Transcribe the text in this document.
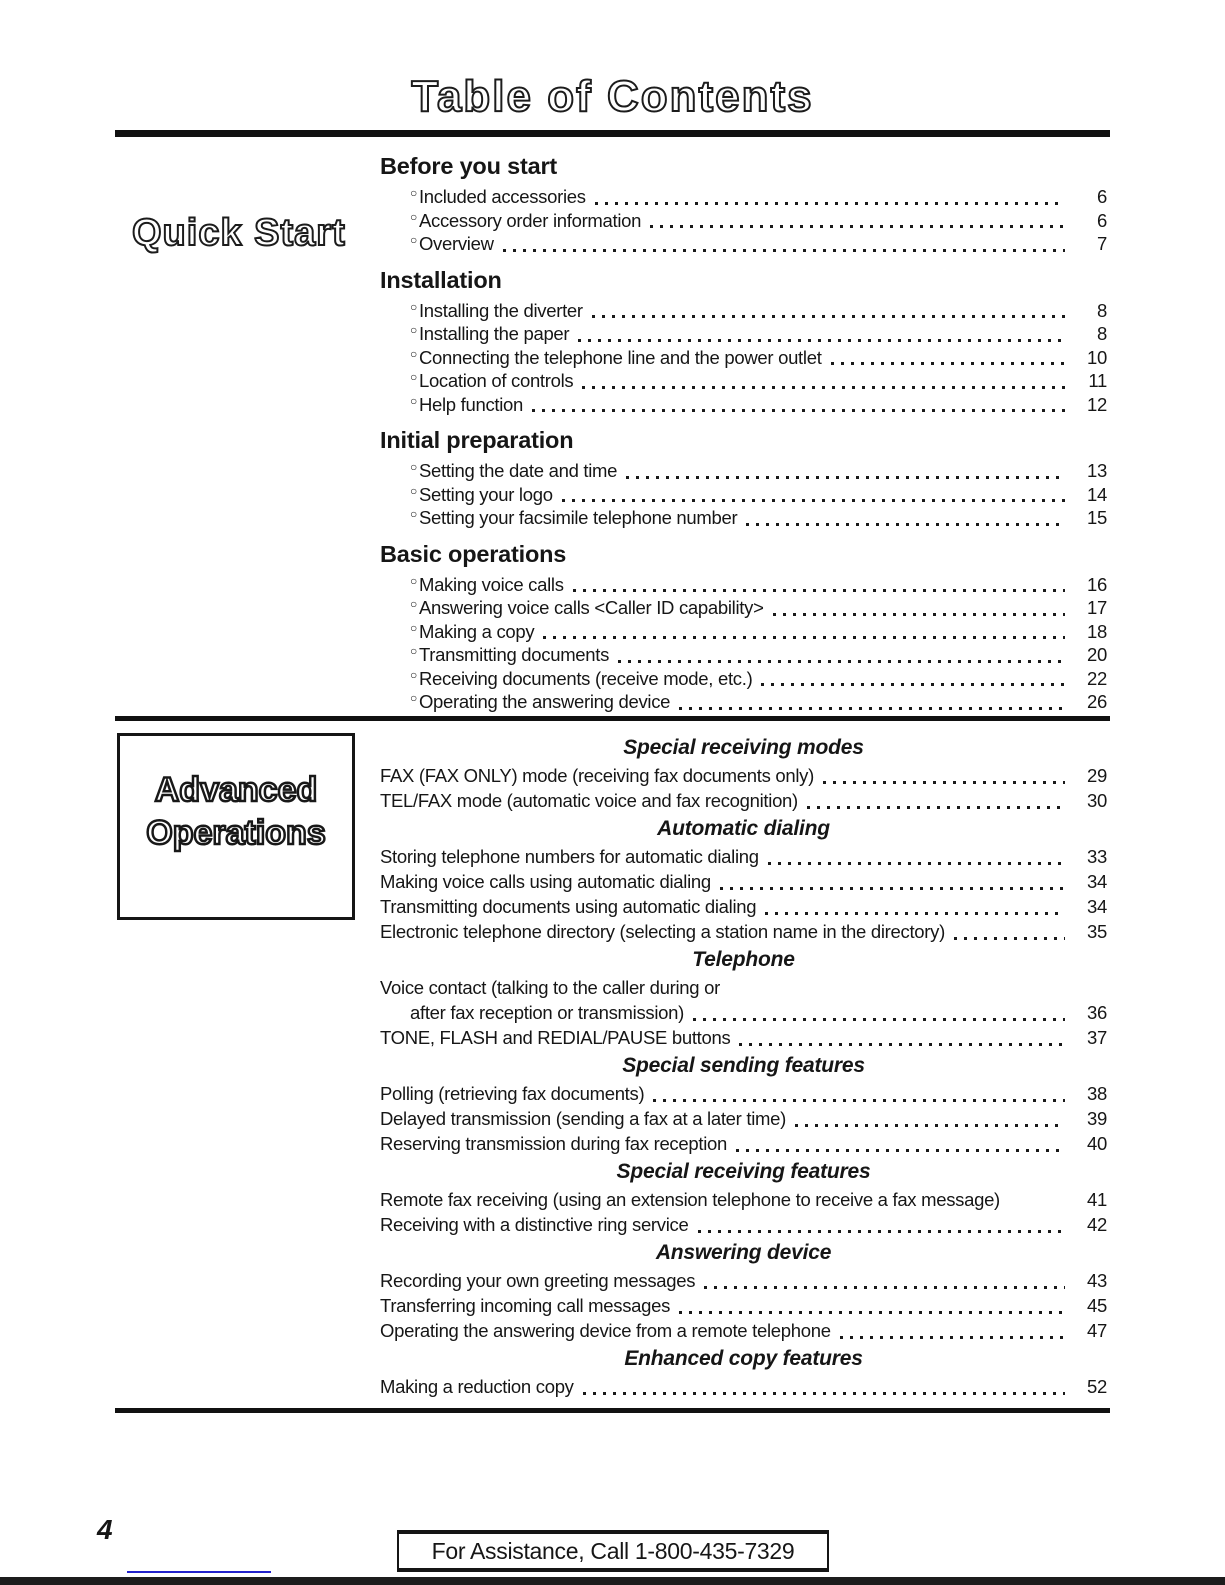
Table of Contents
Quick Start
Before you start
○ Included accessories	6
○ Accessory order information	6
○ Overview	7
Installation
○ Installing the diverter	8
○ Installing the paper	8
○ Connecting the telephone line and the power outlet	10
○ Location of controls	11
○ Help function	12
Initial preparation
○ Setting the date and time	13
○ Setting your logo	14
○ Setting your facsimile telephone number	15
Basic operations
○ Making voice calls	16
○ Answering voice calls <Caller ID capability>	17
○ Making a copy	18
○ Transmitting documents	20
○ Receiving documents (receive mode, etc.)	22
○ Operating the answering device	26
Advanced
Operations
Special receiving modes
FAX (FAX ONLY) mode (receiving fax documents only)	29
TEL/FAX mode (automatic voice and fax recognition)	30
Automatic dialing
Storing telephone numbers for automatic dialing	33
Making voice calls using automatic dialing	34
Transmitting documents using automatic dialing	34
Electronic telephone directory (selecting a station name in the directory)	35
Telephone
Voice contact (talking to the caller during or
after fax reception or transmission)	36
TONE, FLASH and REDIAL/PAUSE buttons	37
Special sending features
Polling (retrieving fax documents)	38
Delayed transmission (sending a fax at a later time)	39
Reserving transmission during fax reception	40
Special receiving features
Remote fax receiving (using an extension telephone to receive a fax message)	41
Receiving with a distinctive ring service	42
Answering device
Recording your own greeting messages	43
Transferring incoming call messages	45
Operating the answering device from a remote telephone	47
Enhanced copy features
Making a reduction copy	52
4
For Assistance, Call 1-800-435-7329
